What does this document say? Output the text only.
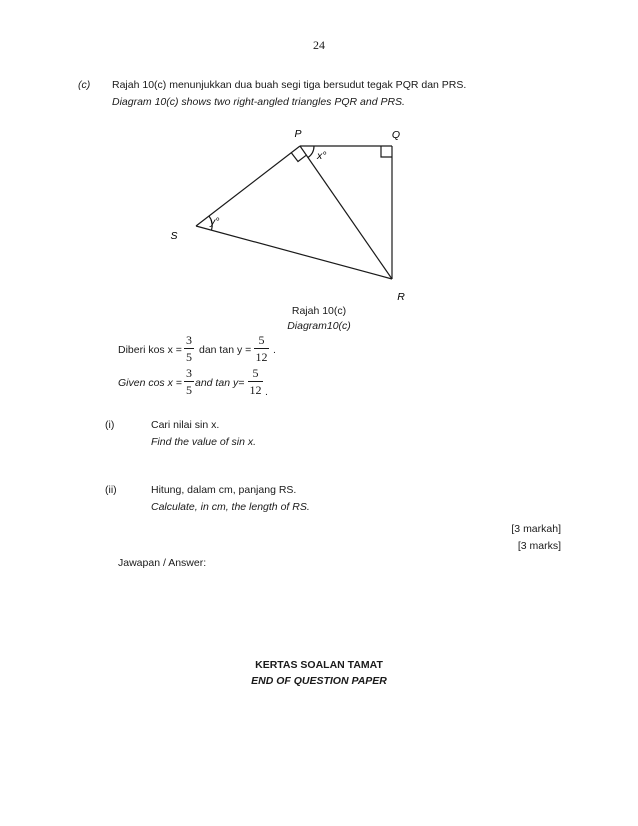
24
(c) Rajah 10(c) menunjukkan dua buah segi tiga bersudut tegak PQR dan PRS.
Diagram 10(c) shows two right-angled triangles PQR and PRS.
P	Q
R
S
x°
y°
Rajah 10(c)
Diagram10(c)
Diberi kos x =
3
5 dan tan y =
5
12 .
Given cos x =
3
5 and tan y=
5
12 .
(i)	Cari nilai sin x.
Find the value of sin x.
(ii)	Hitung, dalam cm, panjang RS.
Calculate, in cm, the length of RS.
[3 markah]
[3 marks]
Jawapan / Answer:
KERTAS SOALAN TAMAT
END OF QUESTION PAPER
